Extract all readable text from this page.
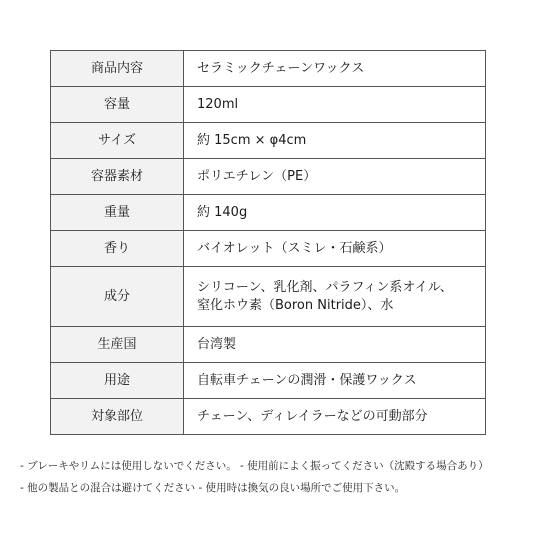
商品内容	セラミックチェーンワックス
容量	120ml
サイズ	約 15cm × φ4cm
容器素材	ポリエチレン（PE）
重量	約 140g
香り	バイオレット（スミレ・石鹸系）
成分	シリコーン、乳化剤、パラフィン系オイル、
窒化ホウ素（Boron Nitride）、水

生産国	台湾製
用途	自転車チェーンの潤滑・保護ワックス
対象部位	チェーン、ディレイラーなどの可動部分
- ブレーキやリムには使用しないでください。 - 使用前によく振ってください（沈殿する場合あり）
- 他の製品との混合は避けてください - 使用時は換気の良い場所でご使用下さい。
